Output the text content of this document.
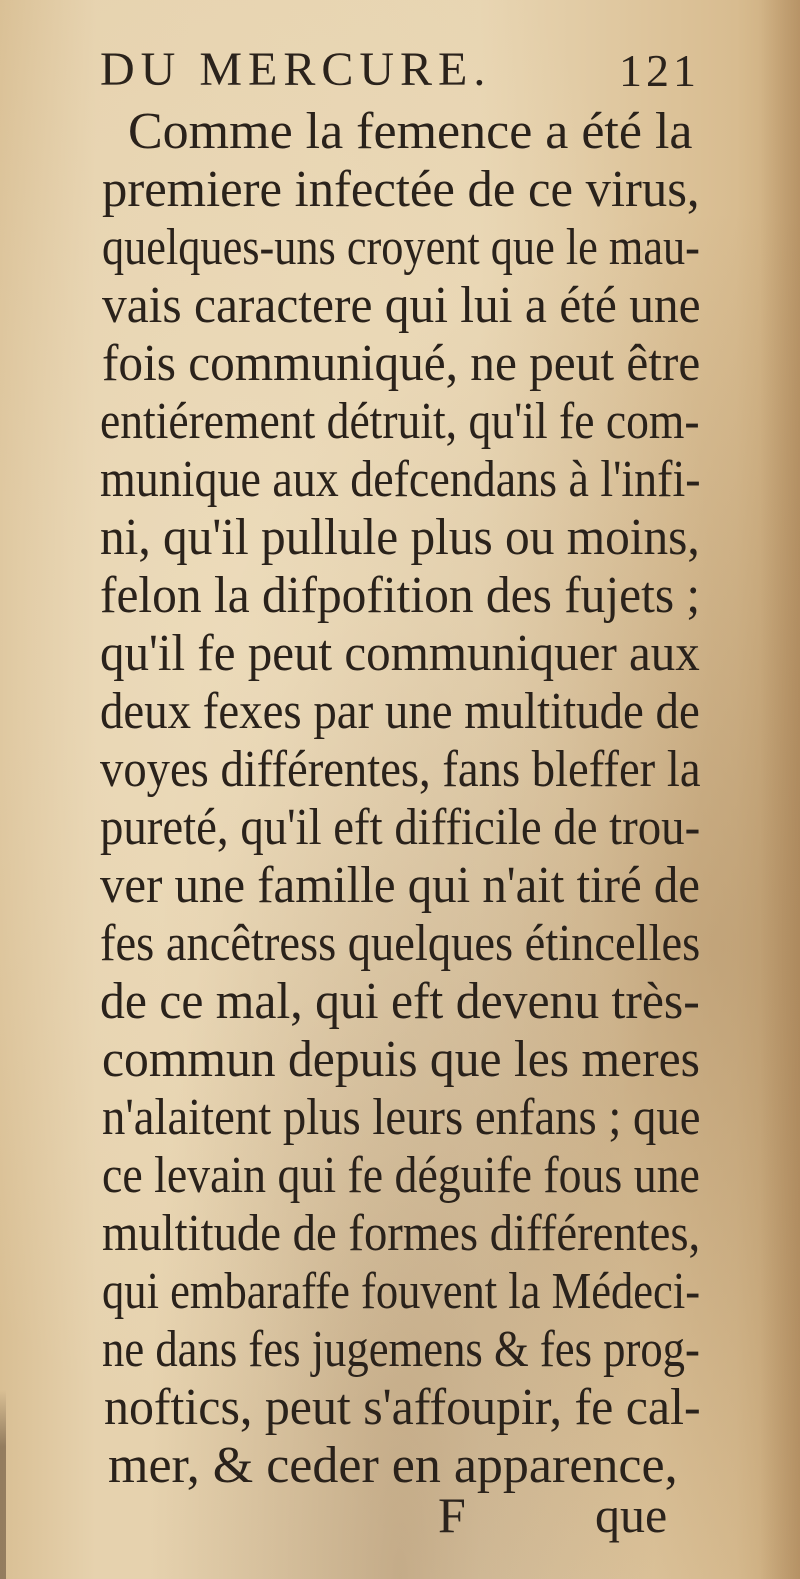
DU MERCURE.	121
Comme la femence a été la
premiere infectée de ce virus,
quelques-uns croyent que le mau-
vais caractere qui lui a été une
fois communiqué, ne peut être
entiérement détruit, qu'il fe com-
munique aux defcendans à l'infi-
ni, qu'il pullule plus ou moins,
felon la difpofition des fujets ;
qu'il fe peut communiquer aux
deux fexes par une multitude de
voyes différentes, fans bleffer la
pureté, qu'il eft difficile de trou-
ver une famille qui n'ait tiré de
fes ancêtress quelques étincelles
de ce mal, qui eft devenu très-
commun depuis que les meres
n'alaitent plus leurs enfans ; que
ce levain qui fe déguife fous une
multitude de formes différentes,
qui embaraffe fouvent la Médeci-
ne dans fes jugemens & fes prog-
noftics, peut s'affoupir, fe cal-
mer, & ceder en apparence,
F	que
